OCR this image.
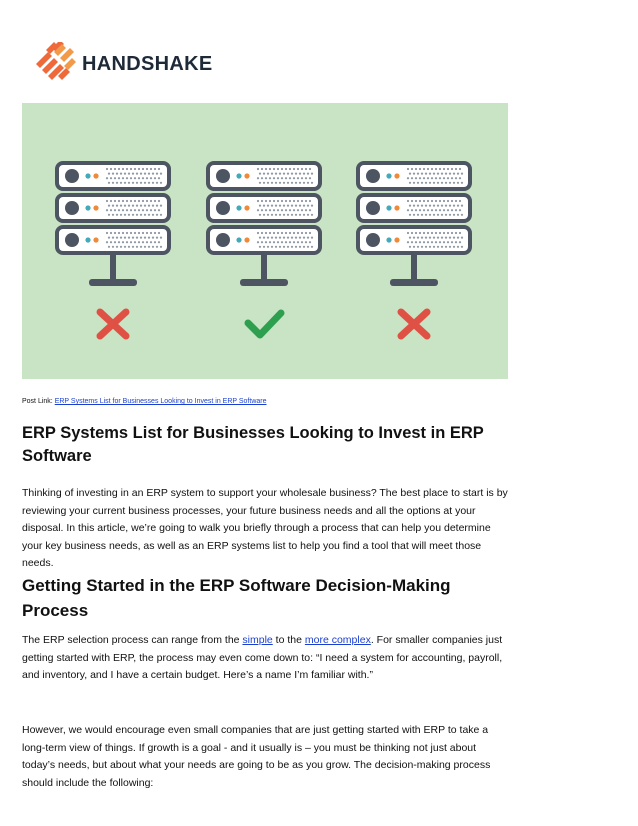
HANDSHAKE
Post Link: ERP Systems List for Businesses Looking to Invest in ERP Software
ERP Systems List for Businesses Looking to Invest in ERP Software

Thinking of investing in an ERP system to support your wholesale business? The best place to start is by reviewing your current business processes, your future business needs and all the options at your disposal. In this article, we’re going to walk you briefly through a process that can help you determine your key business needs, as well as an ERP systems list to help you find a tool that will meet those needs.

Getting Started in the ERP Software Decision-Making Process

The ERP selection process can range from the simple to the more complex. For smaller companies just getting started with ERP, the process may even come down to: “I need a system for accounting, payroll, and inventory, and I have a certain budget. Here’s a name I’m familiar with.”

However, we would encourage even small companies that are just getting started with ERP to take a long-term view of things. If growth is a goal - and it usually is – you must be thinking not just about today’s needs, but about what your needs are going to be as you grow. The decision-making process should include the following:
